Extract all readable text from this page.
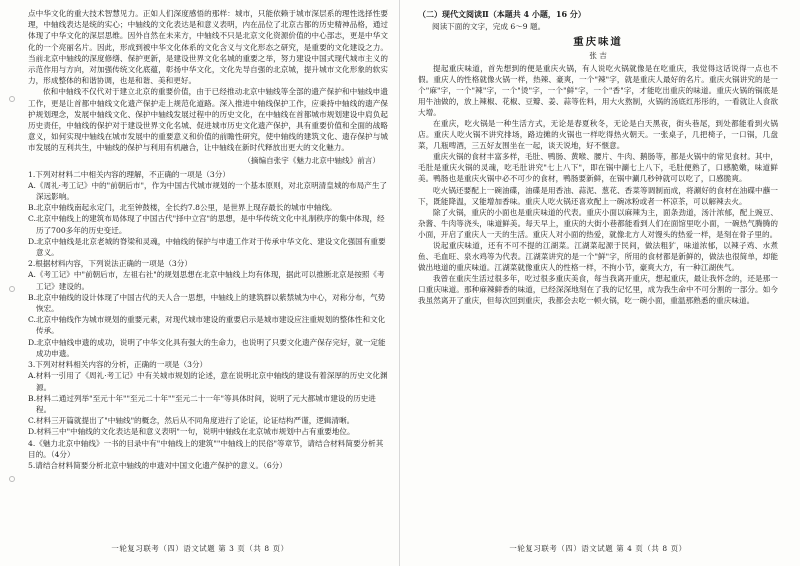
点中华文化的重大技术智慧见力。正如人们深度感悟的那样：城市，只能依赖于城市深层系的理性选择性要理，中轴线表达是统的实心；中轴线的文化表达是和意义表明，内在品位了北京古都的历史精神品格，通过体现了中华文化的深层思维。因外自然在未来方，中轴线不只是北京文化资源价值的中心部志，更是中华文化的一个亮丽名片。因此，形成到被中华文化体系的文化含义与文化形态之研究，是重要的文化建设之力。当前北京中轴线的深度修缮、保护更新，是建设世界文化名城的重要之举，努力建设中国式现代城市主义的示范作用与方向，对加强传统文化底蕴，彰扬中华文化，文化先导自强的北京城，提升城市文化形象的软实力，形成整体的和谐协调，也是和谐、美和更好。

依和中轴线不仅代对于建立北京的重要价值，由于已经推动北京中轴线等全部的遗产保护和中轴线申遗工作，更是让首都中轴线文化遗产保护走上规范化道路。深入推进中轴线保护工作，应秉持中轴线的遗产保护规划理念，发展中轴线文化、保护中轴线发展过程中的历史文化，在中轴线在首都城市规划建设中肩负起历史责任，中轴线的保护对于建设世界文化名城、促进城市历史文化遗产保护，具有重要价值和全面的战略意义，如何实现中轴线在城市发展中的重要意义和价值的前瞻性研究，使中轴线的建筑文化、遗存保护与城市发展的互利共生，中轴线的保护与利用有机融合，让中轴线在新时代释放出更大的文化魅力。

（摘编自张宇《魅力北京中轴线》前言）

1.下列对材料二中相关内容的理解，不正确的一项是（3分）

A.《周礼·考工记》中的"前朝后市"，作为中国古代城市规划的一个基本原则，对北京明清皇城的布局产生了深远影响。
B.北京中轴线南起永定门，北至钟鼓楼，全长约7.8公里，是世界上现存最长的城市中轴线。
C.北京中轴线上的建筑布局体现了中国古代"择中立宫"的思想，是中华传统文化中礼制秩序的集中体现，经历了700多年的历史变迁。
D.北京中轴线是北京老城的脊梁和灵魂，中轴线的保护与申遗工作对于传承中华文化、建设文化强国有重要意义。

2.根据材料内容，下列说法正确的一项是（3分）

A.《考工记》中"前朝后市，左祖右社"的规划思想在北京中轴线上均有体现，据此可以推断北京是按照《考工记》建设的。
B.北京中轴线的设计体现了中国古代的天人合一思想，中轴线上的建筑群以紫禁城为中心，对称分布，气势恢宏。
C.北京中轴线作为城市规划的重要元素，对现代城市建设的重要启示是城市建设应注重规划的整体性和文化传承。
D.北京中轴线申遗的成功，说明了中华文化具有强大的生命力，也说明了只要文化遗产保存完好，就一定能成功申遗。

3.下列对材料相关内容的分析，正确的一项是（3分）

A.材料一引用了《周礼·考工记》中有关城市规划的论述，意在说明北京中轴线的建设有着深厚的历史文化渊源。
B.材料二通过列举"至元十年""至元二十年""至元二十一年"等具体时间，说明了元大都城市建设的历史进程。
C.材料三开篇就提出了"中轴线"的概念，然后从不同角度进行了论证，论证结构严谨，逻辑清晰。
D.材料三中"中轴线的文化表达是和意义表明"一句，说明中轴线在北京城市规划中占有重要地位。

4.《魅力北京中轴线》一书的目录中有"中轴线上的建筑""中轴线上的民俗"等章节，请结合材料简要分析其目的。（4分）

5.请结合材料简要分析北京中轴线的申遗对中国文化遗产保护的意义。（6分）

一轮复习联考（四）语文试题 第 3 页（共 8 页）

（二）现代文阅读Ⅱ（本题共 4 小题，16 分）

阅读下面的文字，完成 6～9 题。

重庆味道

张 吉

提起重庆味道，首先想到的便是重庆火锅，有人说吃火锅就像是在吃重庆，我觉得这话说得一点也不假。重庆人的性格就像火锅一样，热辣、豪爽，一个"辣"字，就是重庆人最好的名片。重庆火锅讲究的是一个"麻"字，一个"辣"字，一个"烫"字，一个"鲜"字，一个"香"字，才能吃出重庆的味道。重庆火锅的锅底是用牛油做的，放上辣椒、花椒、豆瓣、姜、蒜等佐料，用大火熬制，火锅的汤底红彤彤的，一看就让人食欲大增。

在重庆，吃火锅是一种生活方式，无论是春夏秋冬，无论是白天黑夜，街头巷尾，到处都能看到火锅店。重庆人吃火锅不讲究排场，路边摊的火锅也一样吃得热火朝天。一张桌子，几把椅子，一口锅，几盘菜，几瓶啤酒，三五好友围坐在一起，谈天说地，好不惬意。

重庆火锅的食材丰富多样，毛肚、鸭肠、黄喉、腰片、牛肉、鹅肠等，都是火锅中的常见食材。其中，毛肚是重庆火锅的灵魂，吃毛肚讲究"七上八下"，即在锅中涮七上八下，毛肚便熟了，口感脆嫩，味道鲜美。鸭肠也是重庆火锅中必不可少的食材，鸭肠要新鲜，在锅中涮几秒钟就可以吃了，口感脆爽。

吃火锅还要配上一碗油碟，油碟是用香油、蒜泥、葱花、香菜等调制而成，将涮好的食材在油碟中蘸一下，既能降温，又能增加香味。重庆人吃火锅还喜欢配上一碗冰粉或者一杯凉茶，可以解辣去火。

除了火锅，重庆的小面也是重庆味道的代表。重庆小面以麻辣为主，面条劲道，汤汁浓郁，配上豌豆、杂酱、牛肉等浇头，味道鲜美。每天早上，重庆的大街小巷都能看到人们在面馆里吃小面，一碗热气腾腾的小面，开启了重庆人一天的生活。重庆人对小面的热爱，就像北方人对馒头的热爱一样，是刻在骨子里的。

说起重庆味道，还有不可不提的江湖菜。江湖菜起源于民间，做法粗犷，味道浓郁，以辣子鸡、水煮鱼、毛血旺、泉水鸡等为代表。江湖菜讲究的是一个"鲜"字，所用的食材都是新鲜的，做法也很简单，却能做出地道的重庆味道。江湖菜就像重庆人的性格一样，不拘小节，豪爽大方，有一种江湖侠气。

我曾在重庆生活过很多年，吃过很多重庆美食，每当我离开重庆，想起重庆，最让我怀念的，还是那一口重庆味道。那种麻辣鲜香的味道，已经深深地刻在了我的记忆里，成为我生命中不可分割的一部分。如今我虽然离开了重庆，但每次回到重庆，我都会去吃一顿火锅，吃一碗小面，重温那熟悉的重庆味道。

一轮复习联考（四）语文试题 第 4 页（共 8 页）
